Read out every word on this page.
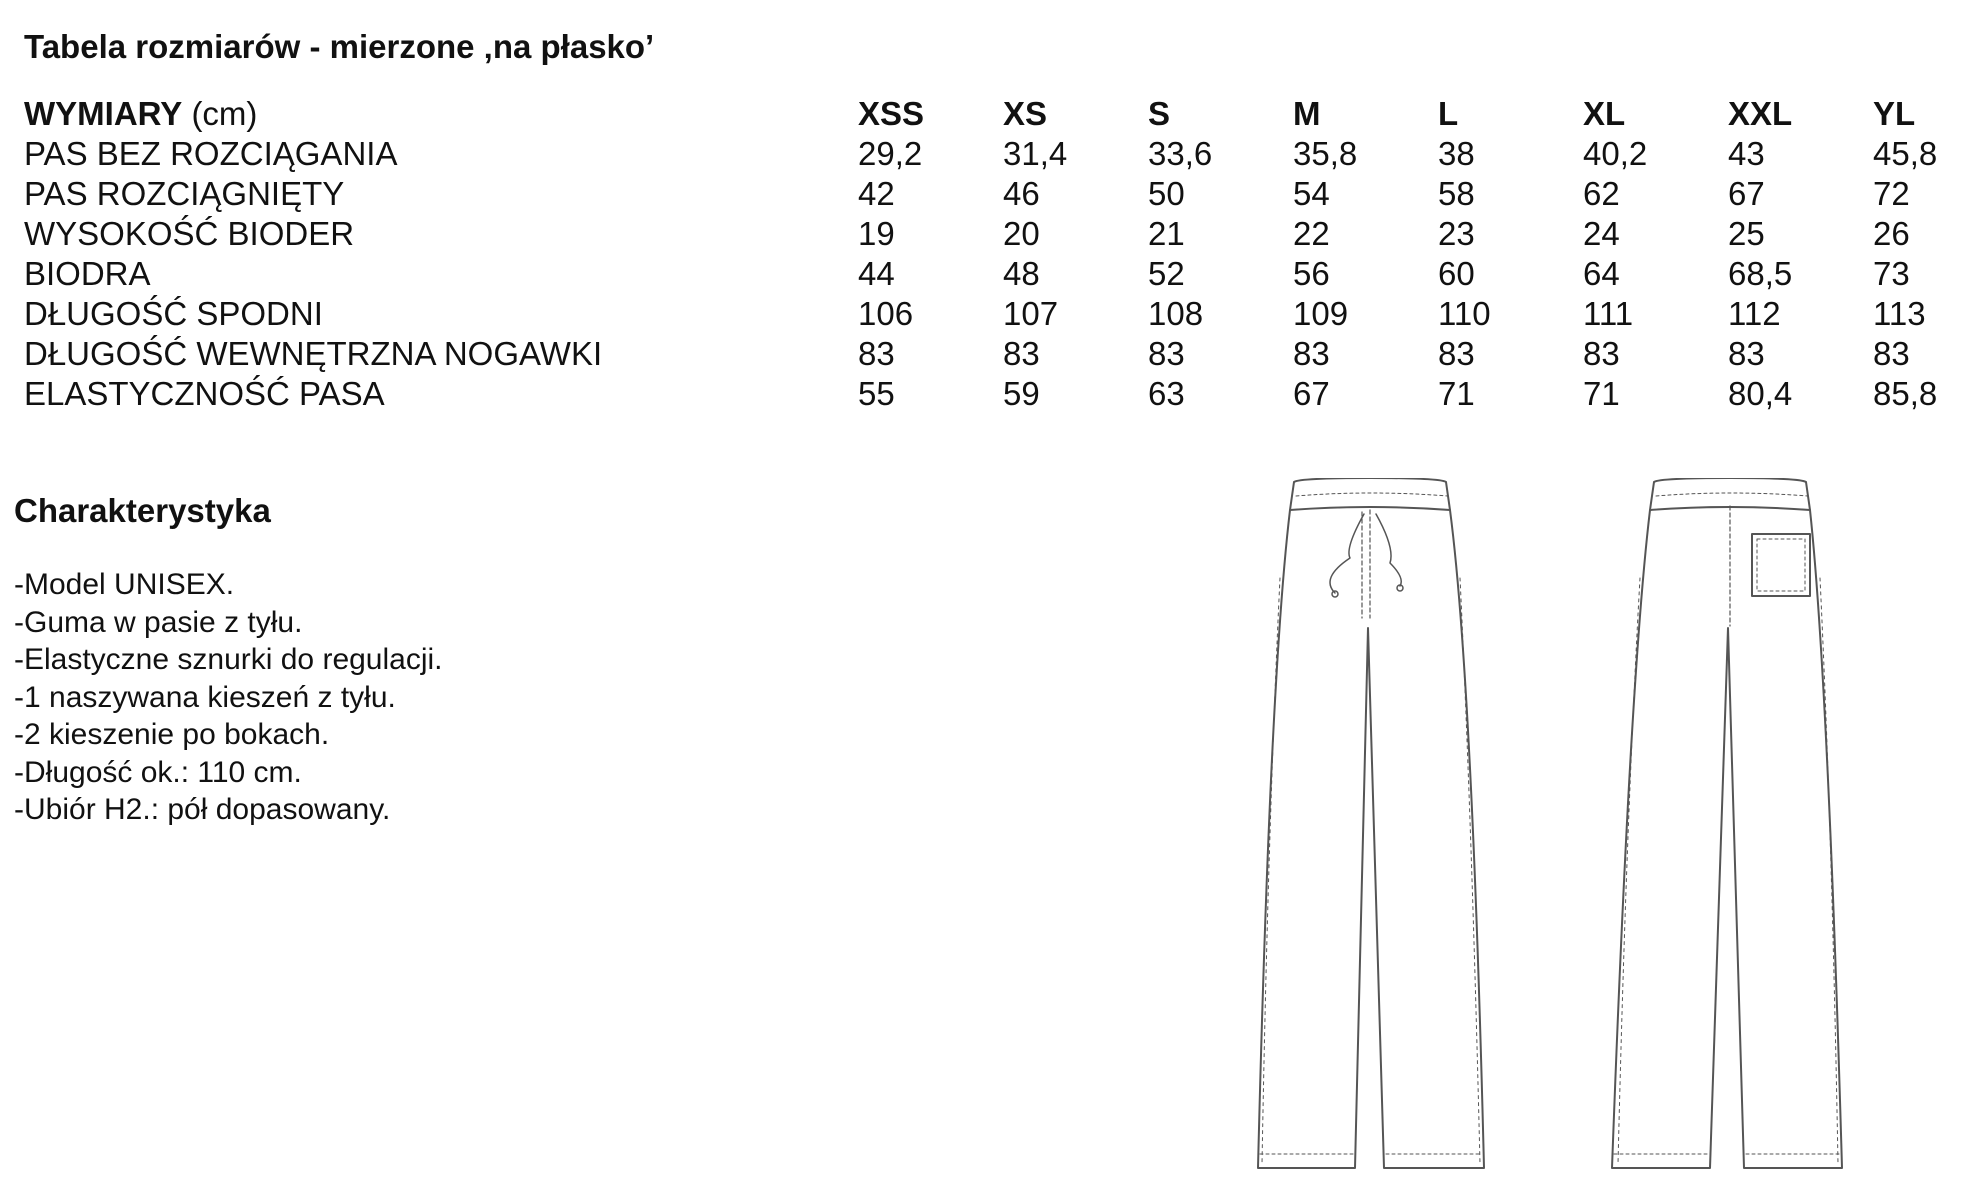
Tabela rozmiarów - mierzone ‚na płasko’
WYMIARY (cm)	XSS	XS	S	M	L	XL	XXL	YL
PAS BEZ ROZCIĄGANIA	29,2	31,4	33,6	35,8	38	40,2	43	45,8
PAS ROZCIĄGNIĘTY	42	46	50	54	58	62	67	72
WYSOKOŚĆ BIODER	19	20	21	22	23	24	25	26
BIODRA	44	48	52	56	60	64	68,5	73
DŁUGOŚĆ SPODNI	106	107	108	109	110	111	112	113
DŁUGOŚĆ WEWNĘTRZNA NOGAWKI	83	83	83	83	83	83	83	83
ELASTYCZNOŚĆ PASA	55	59	63	67	71	71	80,4	85,8
Charakterystyka
-Model UNISEX.
-Guma w pasie z tyłu.
-Elastyczne sznurki do regulacji.
-1 naszywana kieszeń z tyłu.
-2 kieszenie po bokach.
-Długość ok.: 110 cm.
-Ubiór H2.: pół dopasowany.
